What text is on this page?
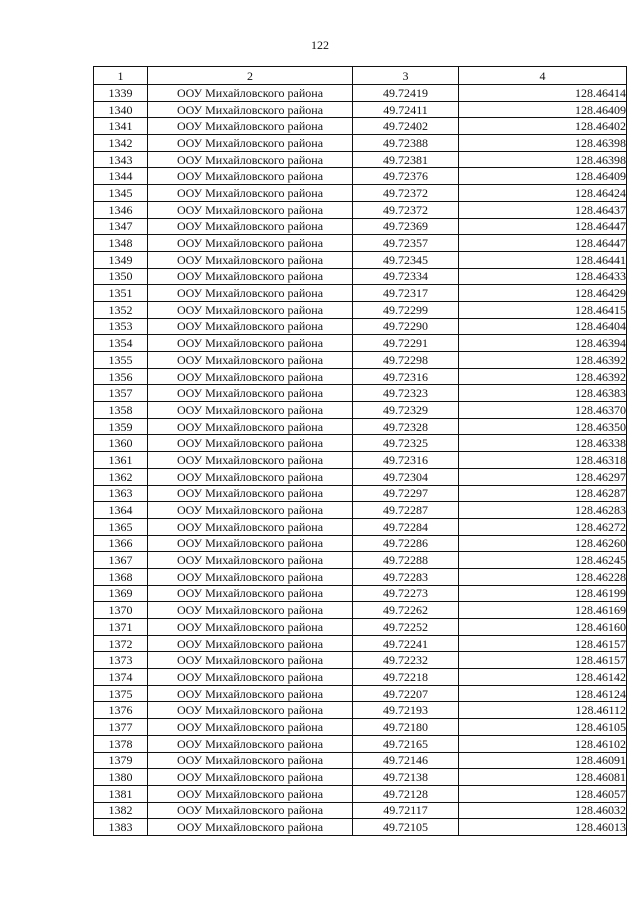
122
1	2	3	4
1339	ООУ Михайловского района	49.72419	128.46414
1340	ООУ Михайловского района	49.72411	128.46409
1341	ООУ Михайловского района	49.72402	128.46402
1342	ООУ Михайловского района	49.72388	128.46398
1343	ООУ Михайловского района	49.72381	128.46398
1344	ООУ Михайловского района	49.72376	128.46409
1345	ООУ Михайловского района	49.72372	128.46424
1346	ООУ Михайловского района	49.72372	128.46437
1347	ООУ Михайловского района	49.72369	128.46447
1348	ООУ Михайловского района	49.72357	128.46447
1349	ООУ Михайловского района	49.72345	128.46441
1350	ООУ Михайловского района	49.72334	128.46433
1351	ООУ Михайловского района	49.72317	128.46429
1352	ООУ Михайловского района	49.72299	128.46415
1353	ООУ Михайловского района	49.72290	128.46404
1354	ООУ Михайловского района	49.72291	128.46394
1355	ООУ Михайловского района	49.72298	128.46392
1356	ООУ Михайловского района	49.72316	128.46392
1357	ООУ Михайловского района	49.72323	128.46383
1358	ООУ Михайловского района	49.72329	128.46370
1359	ООУ Михайловского района	49.72328	128.46350
1360	ООУ Михайловского района	49.72325	128.46338
1361	ООУ Михайловского района	49.72316	128.46318
1362	ООУ Михайловского района	49.72304	128.46297
1363	ООУ Михайловского района	49.72297	128.46287
1364	ООУ Михайловского района	49.72287	128.46283
1365	ООУ Михайловского района	49.72284	128.46272
1366	ООУ Михайловского района	49.72286	128.46260
1367	ООУ Михайловского района	49.72288	128.46245
1368	ООУ Михайловского района	49.72283	128.46228
1369	ООУ Михайловского района	49.72273	128.46199
1370	ООУ Михайловского района	49.72262	128.46169
1371	ООУ Михайловского района	49.72252	128.46160
1372	ООУ Михайловского района	49.72241	128.46157
1373	ООУ Михайловского района	49.72232	128.46157
1374	ООУ Михайловского района	49.72218	128.46142
1375	ООУ Михайловского района	49.72207	128.46124
1376	ООУ Михайловского района	49.72193	128.46112
1377	ООУ Михайловского района	49.72180	128.46105
1378	ООУ Михайловского района	49.72165	128.46102
1379	ООУ Михайловского района	49.72146	128.46091
1380	ООУ Михайловского района	49.72138	128.46081
1381	ООУ Михайловского района	49.72128	128.46057
1382	ООУ Михайловского района	49.72117	128.46032
1383	ООУ Михайловского района	49.72105	128.46013
